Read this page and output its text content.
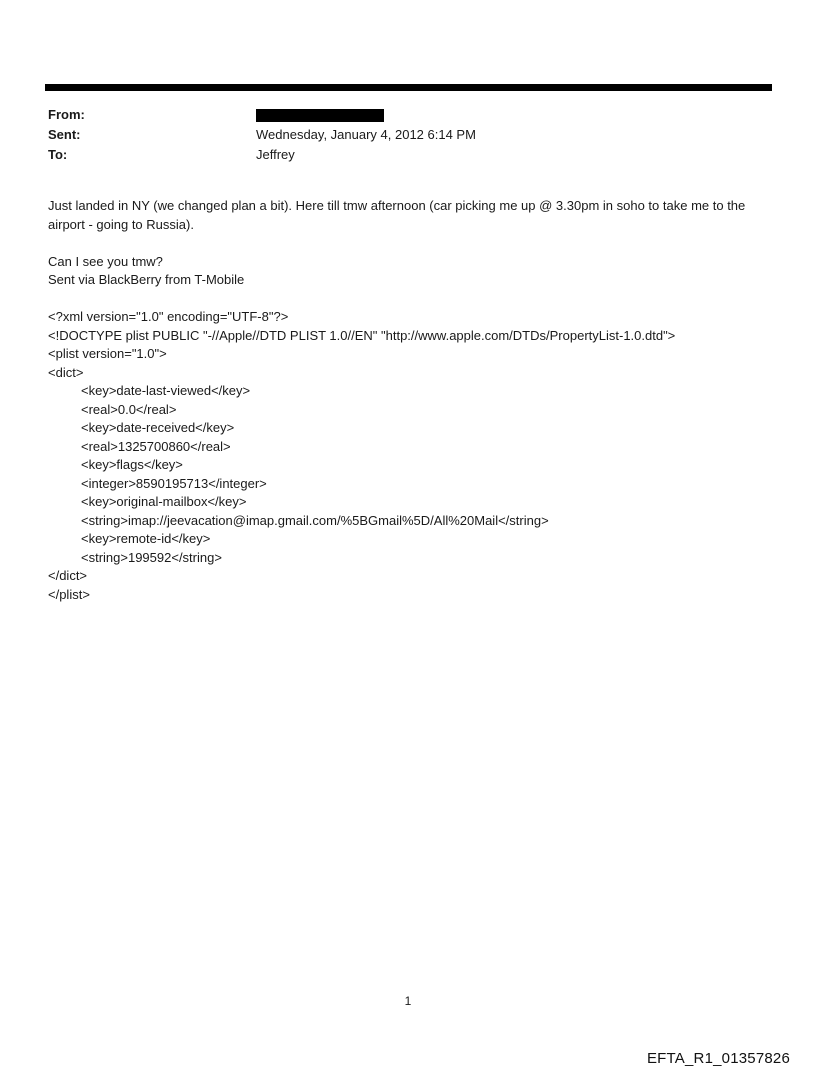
From:
Sent:	Wednesday, January 4, 2012 6:14 PM
To:	Jeffrey

Just landed in NY (we changed plan a bit). Here till tmw afternoon (car picking me up @ 3.30pm in soho to take me to the airport - going to Russia).

Can I see you tmw?
Sent via BlackBerry from T-Mobile
<?xml version="1.0" encoding="UTF-8"?>
<!DOCTYPE plist PUBLIC "-//Apple//DTD PLIST 1.0//EN" "http://www.apple.com/DTDs/PropertyList-1.0.dtd">
<plist version="1.0">
<dict>
<key>date-last-viewed</key>
<real>0.0</real>
<key>date-received</key>
<real>1325700860</real>
<key>flags</key>
<integer>8590195713</integer>
<key>original-mailbox</key>
<string>imap://jeevacation@imap.gmail.com/%5BGmail%5D/All%20Mail</string>
<key>remote-id</key>
<string>199592</string>
</dict>
</plist>
1
EFTA_R1_01357826
